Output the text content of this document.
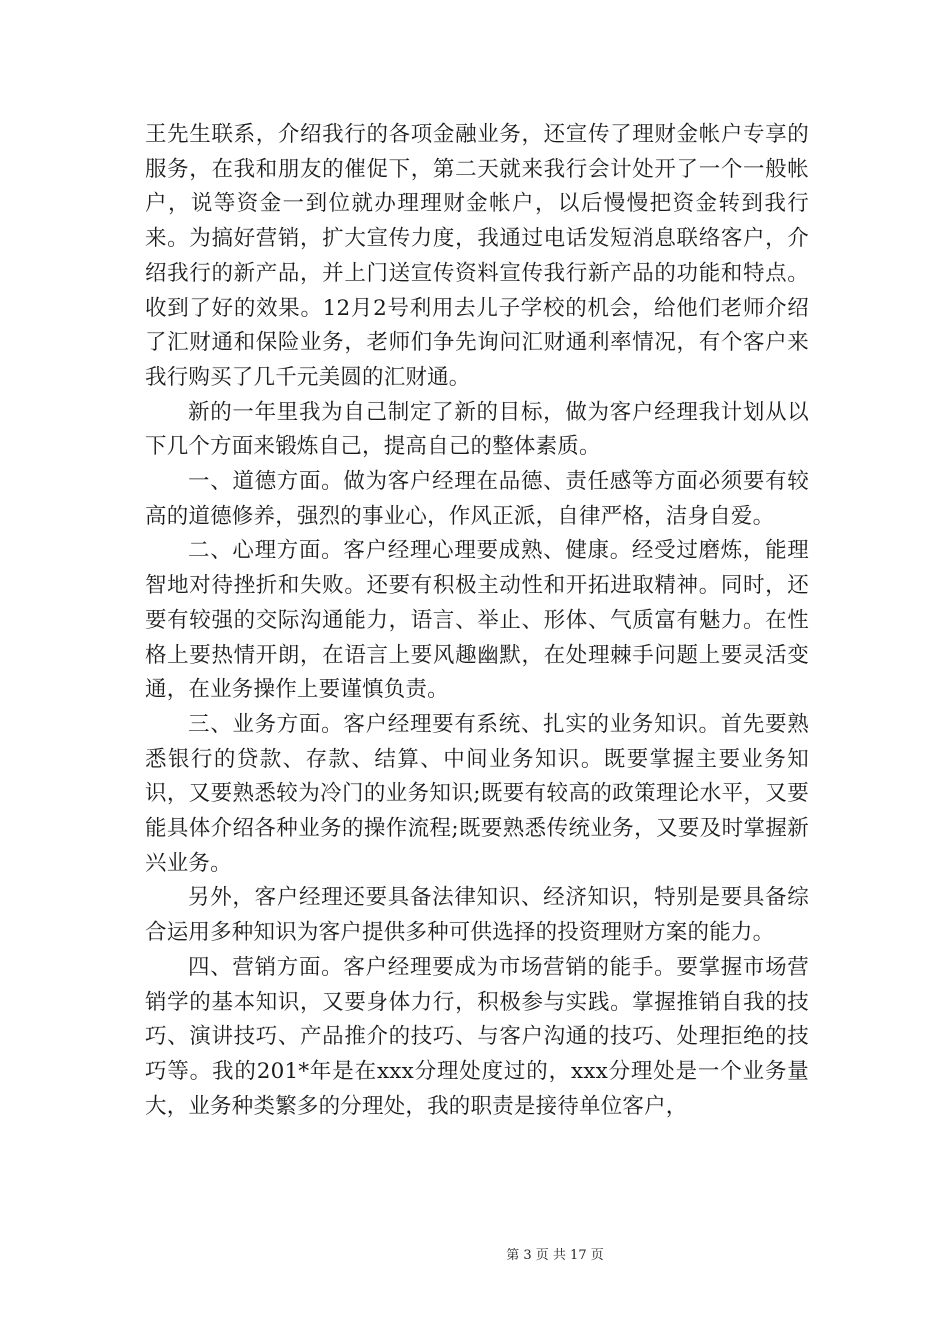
王先生联系，介绍我行的各项金融业务，还宣传了理财金帐户专享的服务，在我和朋友的催促下，第二天就来我行会计处开了一个一般帐户，说等资金一到位就办理理财金帐户，以后慢慢把资金转到我行来。为搞好营销，扩大宣传力度，我通过电话发短消息联络客户，介绍我行的新产品，并上门送宣传资料宣传我行新产品的功能和特点。收到了好的效果。12月2号利用去儿子学校的机会，给他们老师介绍了汇财通和保险业务，老师们争先询问汇财通利率情况，有个客户来我行购买了几千元美圆的汇财通。

新的一年里我为自己制定了新的目标，做为客户经理我计划从以下几个方面来锻炼自己，提高自己的整体素质。

一、道德方面。做为客户经理在品德、责任感等方面必须要有较高的道德修养，强烈的事业心，作风正派，自律严格，洁身自爱。

二、心理方面。客户经理心理要成熟、健康。经受过磨炼，能理智地对待挫折和失败。还要有积极主动性和开拓进取精神。同时，还要有较强的交际沟通能力，语言、举止、形体、气质富有魅力。在性格上要热情开朗，在语言上要风趣幽默，在处理棘手问题上要灵活变通，在业务操作上要谨慎负责。

三、业务方面。客户经理要有系统、扎实的业务知识。首先要熟悉银行的贷款、存款、结算、中间业务知识。既要掌握主要业务知识，又要熟悉较为冷门的业务知识;既要有较高的政策理论水平，又要能具体介绍各种业务的操作流程;既要熟悉传统业务，又要及时掌握新兴业务。

另外，客户经理还要具备法律知识、经济知识，特别是要具备综合运用多种知识为客户提供多种可供选择的投资理财方案的能力。

四、营销方面。客户经理要成为市场营销的能手。要掌握市场营销学的基本知识，又要身体力行，积极参与实践。掌握推销自我的技巧、演讲技巧、产品推介的技巧、与客户沟通的技巧、处理拒绝的技巧等。我的201*年是在xxx分理处度过的，xxx分理处是一个业务量大，业务种类繁多的分理处，我的职责是接待单位客户，

第 3 页 共 17 页
